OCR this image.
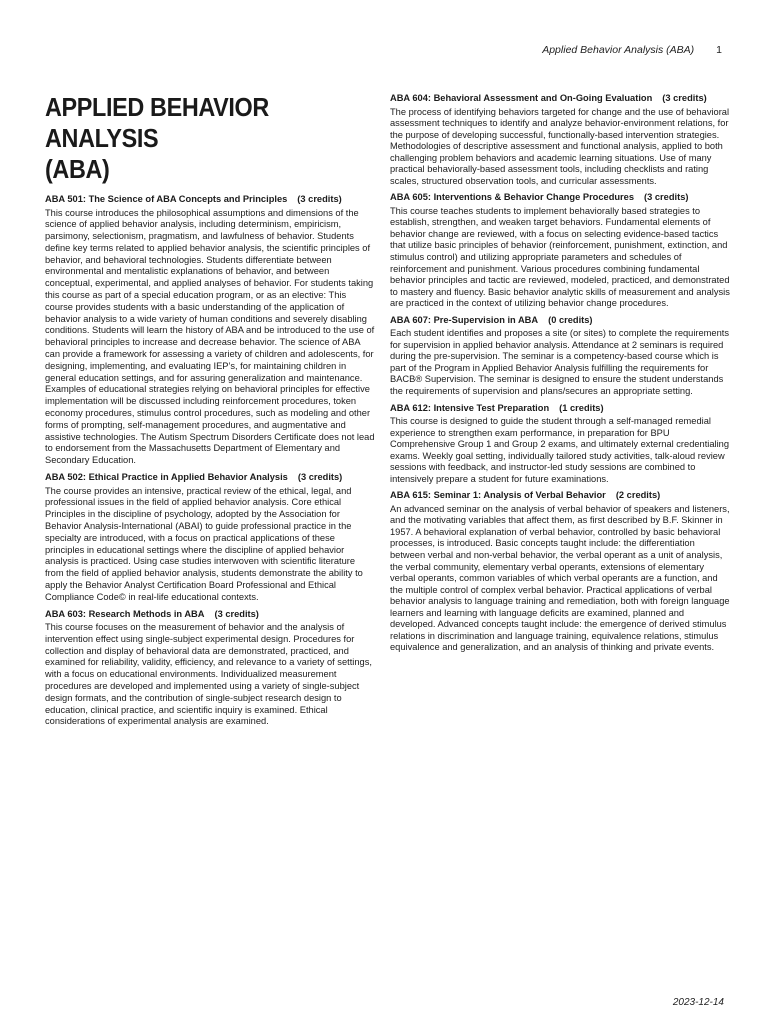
Applied Behavior Analysis (ABA) 1
APPLIED BEHAVIOR ANALYSIS
(ABA)
ABA 501: The Science of ABA Concepts and Principles (3 credits)

This course introduces the philosophical assumptions and dimensions of the science of applied behavior analysis, including determinism, empiricism, parsimony, selectionism, pragmatism, and lawfulness of behavior. Students define key terms related to applied behavior analysis, the scientific principles of behavior, and behavioral technologies. Students differentiate between environmental and mentalistic explanations of behavior, and between conceptual, experimental, and applied analyses of behavior. For students taking this course as part of a special education program, or as an elective: This course provides students with a basic understanding of the application of behavior analysis to a wide variety of human conditions and severely disabling conditions. Students will learn the history of ABA and be introduced to the use of behavioral principles to increase and decrease behavior. The science of ABA can provide a framework for assessing a variety of children and adolescents, for designing, implementing, and evaluating IEP’s, for maintaining children in general education settings, and for assuring generalization and maintenance. Examples of educational strategies relying on behavioral principles for effective implementation will be discussed including reinforcement procedures, token economy procedures, stimulus control procedures, such as modeling and other forms of prompting, self-management procedures, and augmentative and assistive technologies. The Autism Spectrum Disorders Certificate does not lead to endorsement from the Massachusetts Department of Elementary and Secondary Education.

ABA 502: Ethical Practice in Applied Behavior Analysis (3 credits)

The course provides an intensive, practical review of the ethical, legal, and professional issues in the field of applied behavior analysis. Core ethical Principles in the discipline of psychology, adopted by the Association for Behavior Analysis-International (ABAI) to guide professional practice in the specialty are introduced, with a focus on practical applications of these principles in educational settings where the discipline of applied behavior analysis is practiced. Using case studies interwoven with scientific literature from the field of applied behavior analysis, students demonstrate the ability to apply the Behavior Analyst Certification Board Professional and Ethical Compliance Code© in real-life educational contexts.

ABA 603: Research Methods in ABA (3 credits)

This course focuses on the measurement of behavior and the analysis of intervention effect using single-subject experimental design. Procedures for collection and display of behavioral data are demonstrated, practiced, and examined for reliability, validity, efficiency, and relevance to a variety of settings, with a focus on educational environments. Individualized measurement procedures are developed and implemented using a variety of single-subject design formats, and the contribution of single-subject research design to education, clinical practice, and scientific inquiry is examined. Ethical considerations of experimental analysis are examined.

ABA 604: Behavioral Assessment and On-Going Evaluation (3 credits)

The process of identifying behaviors targeted for change and the use of behavioral assessment techniques to identify and analyze behavior-environment relations, for the purpose of developing successful, functionally-based intervention strategies. Methodologies of descriptive assessment and functional analysis, applied to both challenging problem behaviors and academic learning situations. Use of many practical behaviorally-based assessment tools, including checklists and rating scales, structured observation tools, and curricular assessments.

ABA 605: Interventions & Behavior Change Procedures (3 credits)

This course teaches students to implement behaviorally based strategies to establish, strengthen, and weaken target behaviors. Fundamental elements of behavior change are reviewed, with a focus on selecting evidence-based tactics that utilize basic principles of behavior (reinforcement, punishment, extinction, and stimulus control) and utilizing appropriate parameters and schedules of reinforcement and punishment. Various procedures combining fundamental behavior principles and tactic are reviewed, modeled, practiced, and demonstrated to mastery and fluency. Basic behavior analytic skills of measurement and analysis are practiced in the context of utilizing behavior change procedures.

ABA 607: Pre-Supervision in ABA (0 credits)

Each student identifies and proposes a site (or sites) to complete the requirements for supervision in applied behavior analysis. Attendance at 2 seminars is required during the pre-supervision. The seminar is a competency-based course which is part of the Program in Applied Behavior Analysis fulfilling the requirements for BACB® Supervision. The seminar is designed to ensure the student understands the requirements of supervision and plans/secures an appropriate setting.

ABA 612: Intensive Test Preparation (1 credits)

This course is designed to guide the student through a self-managed remedial experience to strengthen exam performance, in preparation for BPU Comprehensive Group 1 and Group 2 exams, and ultimately external credentialing exams. Weekly goal setting, individually tailored study activities, talk-aloud review sessions with feedback, and instructor-led study sessions are combined to intensively prepare a student for future examinations.

ABA 615: Seminar 1: Analysis of Verbal Behavior (2 credits)

An advanced seminar on the analysis of verbal behavior of speakers and listeners, and the motivating variables that affect them, as first described by B.F. Skinner in 1957. A behavioral explanation of verbal behavior, controlled by basic behavioral processes, is introduced. Basic concepts taught include: the differentiation between verbal and non-verbal behavior, the verbal operant as a unit of analysis, the verbal community, elementary verbal operants, extensions of elementary verbal operants, common variables of which verbal operants are a function, and the multiple control of complex verbal behavior. Practical applications of verbal behavior analysis to language training and remediation, both with foreign language learners and learning with language deficits are examined, planned and developed. Advanced concepts taught include: the emergence of derived stimulus relations in discrimination and language training, equivalence relations, stimulus equivalence and generalization, and an analysis of thinking and private events.

2023-12-14
